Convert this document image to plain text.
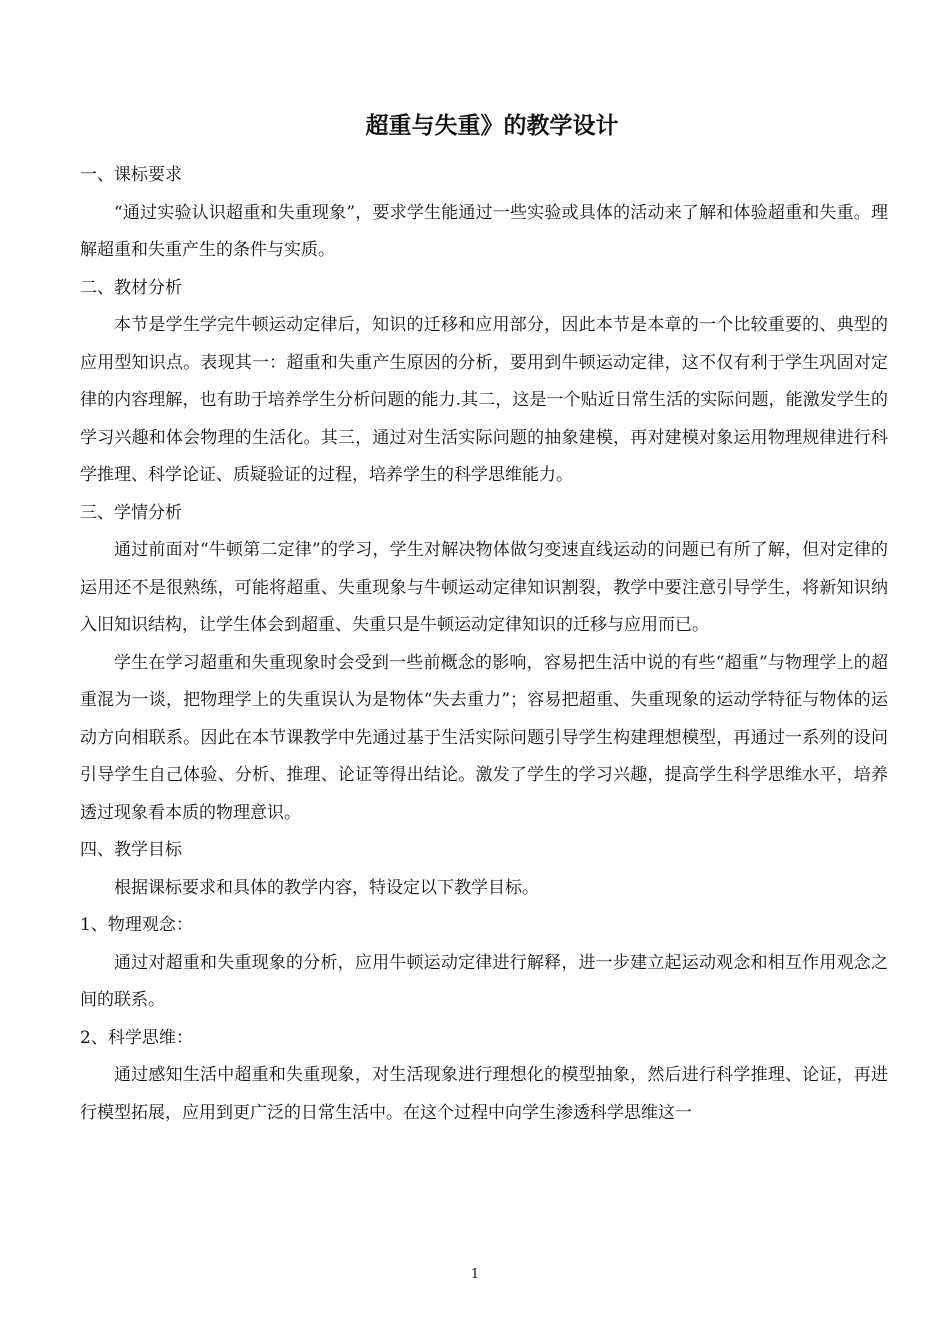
超重与失重》的教学设计

一、课标要求

“通过实验认识超重和失重现象”，要求学生能通过一些实验或具体的活动来了解和体验超重和失重。理解超重和失重产生的条件与实质。

二、教材分析

本节是学生学完牛顿运动定律后，知识的迁移和应用部分，因此本节是本章的一个比较重要的、典型的应用型知识点。表现其一：超重和失重产生原因的分析，要用到牛顿运动定律，这不仅有利于学生巩固对定律的内容理解，也有助于培养学生分析问题的能力.其二，这是一个贴近日常生活的实际问题，能激发学生的学习兴趣和体会物理的生活化。其三，通过对生活实际问题的抽象建模，再对建模对象运用物理规律进行科学推理、科学论证、质疑验证的过程，培养学生的科学思维能力。

三、学情分析

通过前面对“牛顿第二定律”的学习，学生对解决物体做匀变速直线运动的问题已有所了解，但对定律的运用还不是很熟练，可能将超重、失重现象与牛顿运动定律知识割裂，教学中要注意引导学生，将新知识纳入旧知识结构，让学生体会到超重、失重只是牛顿运动定律知识的迁移与应用而已。

学生在学习超重和失重现象时会受到一些前概念的影响，容易把生活中说的有些“超重”与物理学上的超重混为一谈，把物理学上的失重误认为是物体“失去重力”；容易把超重、失重现象的运动学特征与物体的运动方向相联系。因此在本节课教学中先通过基于生活实际问题引导学生构建理想模型，再通过一系列的设问引导学生自己体验、分析、推理、论证等得出结论。激发了学生的学习兴趣，提高学生科学思维水平，培养透过现象看本质的物理意识。

四、教学目标

根据课标要求和具体的教学内容，特设定以下教学目标。

1、物理观念：

通过对超重和失重现象的分析，应用牛顿运动定律进行解释，进一步建立起运动观念和相互作用观念之间的联系。

2、科学思维：

通过感知生活中超重和失重现象，对生活现象进行理想化的模型抽象，然后进行科学推理、论证，再进行模型拓展，应用到更广泛的日常生活中。在这个过程中向学生渗透科学思维这一

1
